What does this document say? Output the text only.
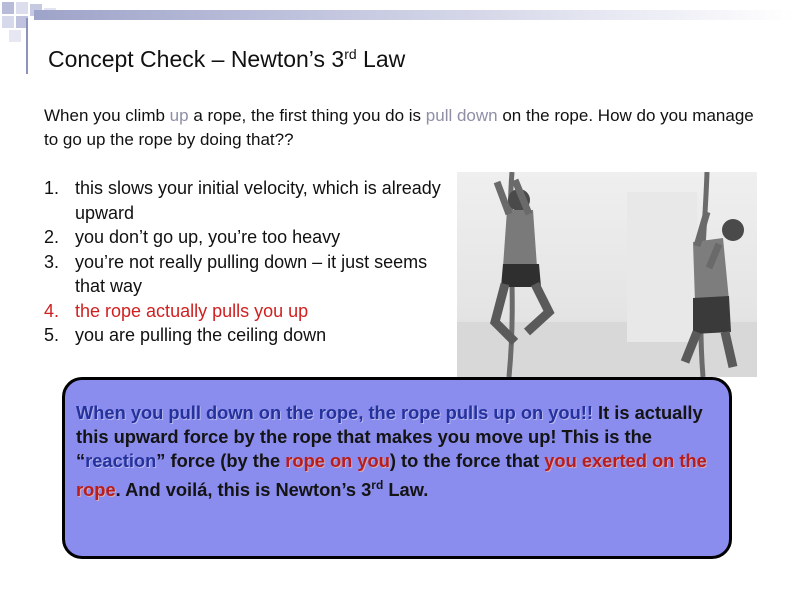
Concept Check – Newton’s 3rd Law
When you climb up a rope, the first thing you do is pull down on the rope. How do you manage to go up the rope by doing that??
1. this slows your initial velocity, which is already upward
2. you don’t go up, you’re too heavy
3. you’re not really pulling down – it just seems that way
4. the rope actually pulls you up
5. you are pulling the ceiling down
When you pull down on the rope, the rope pulls up on you!! It is actually this upward force by the rope that makes you move up! This is the “reaction” force (by the rope on you) to the force that you exerted on the rope. And voilá, this is Newton’s 3rd Law.
